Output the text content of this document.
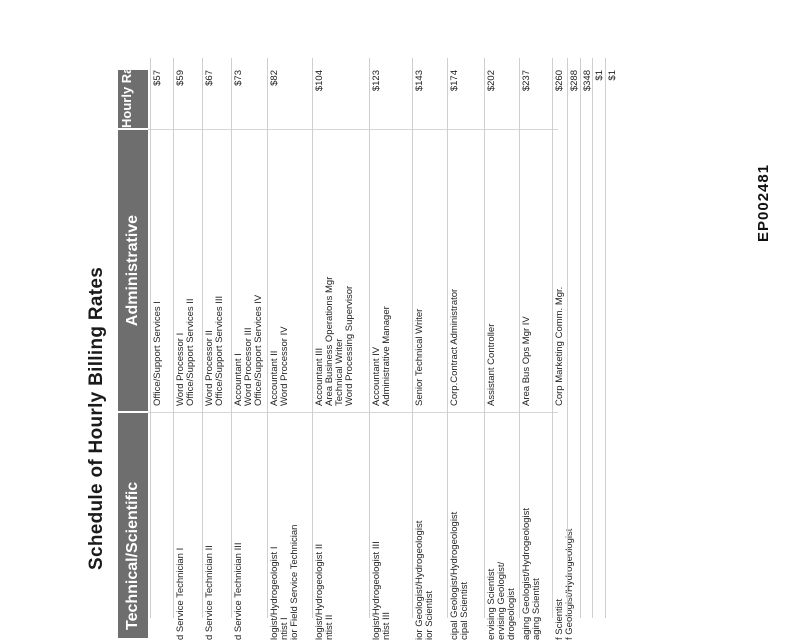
Schedule of Hourly Billing Rates	Technical/Scientific
Administrative
Hourly Rate
Office/Support Services I
$57
d Service Technician I
Word Processor I Office/Support Services II
$59
d Service Technician II
Word Processor II Office/Support Services III
$67
d Service Technician III
Accountant I Word Processor III Office/Support Services IV
$73
logist/Hydrogeologist I ntist I ior Field Service Technician
Accountant II Word Processor IV
$82
logist/Hydrogeologist II ntist II
Accountant III Area Business Operations Mgr Technical Writer Word Processing Supervisor
$104
logist/Hydrogeologist III ntist III
Accountant IV Administrative Manager
$123
ior Geologist/Hydrogeologist ior Scientist
Senior Technical Writer
$143
cipal Geologist/Hydrogeologist cipal Scientist
Corp.Contract Administrator
$174
ervising Scientist ervising Geologist/ drogeologist
Assistant Controller
$202
aging Geologist/Hydrogeologist aging Scientist
Area Bus Ops Mgr IV
$237
f Scientist f Geologist/Hydrogeologist
Corp Marketing Comm. Mgr.
$260 $288 $348 $1 $1
EP002481
